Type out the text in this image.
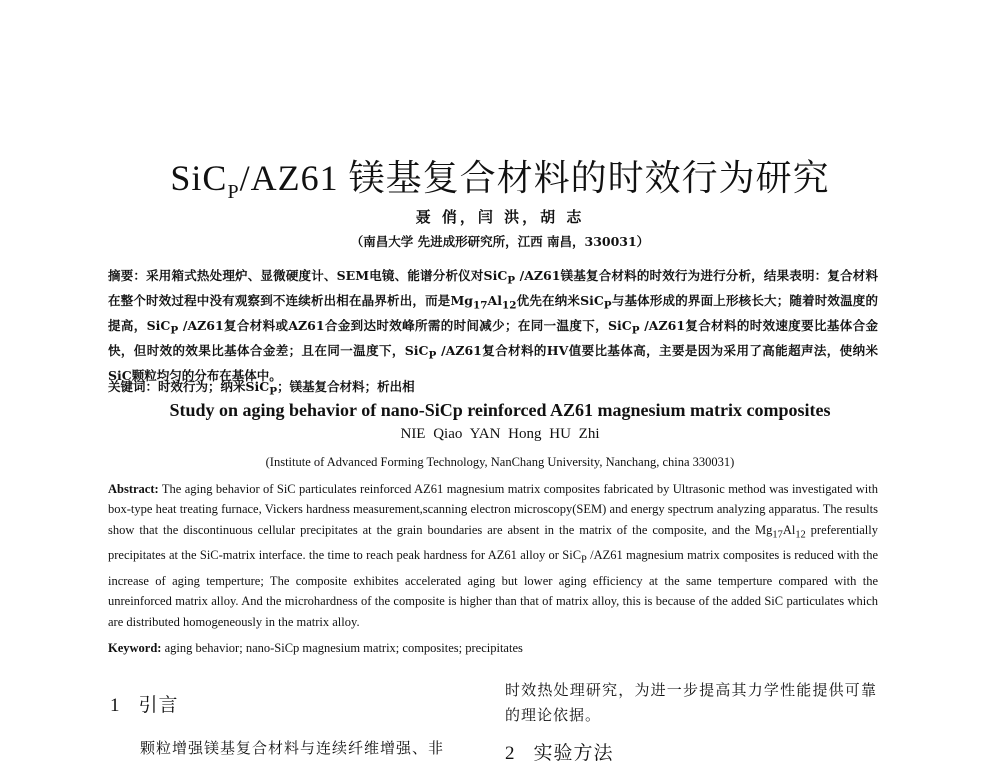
SiC$_P$/AZ61 镁基复合材料的时效行为研究
聂 俏，闫 洪，胡 志
（南昌大学 先进成形研究所，江西 南昌，330031）
摘要：采用箱式热处理炉、显微硬度计、SEM电镜、能谱分析仪对SiC$_P$ /AZ61镁基复合材料的时效行为进行分析，结果表明：复合材料在整个时效过程中没有观察到不连续析出相在晶界析出，而是$Mg_{17}Al_{12}$优先在纳米SiC$_P$与基体形成的界面上形核长大；随着时效温度的提高，SiC$_P$ /AZ61复合材料或AZ61合金到达时效峰所需的时间减少；在同一温度下，SiC$_P$ /AZ61复合材料的时效速度要比基体合金快，但时效的效果比基体合金差；且在同一温度下，SiC$_P$ /AZ61复合材料的HV值要比基体高，主要是因为采用了高能超声法，使纳米SiC颗粒均匀的分布在基体中。
关键词：时效行为；纳米SiC$_P$；镁基复合材料；析出相
Study on aging behavior of nano-SiCp reinforced AZ61 magnesium matrix composites
NIE Qiao YAN Hong HU Zhi
(Institute of Advanced Forming Technology, NanChang University, Nanchang, china 330031)
Abstract: The aging behavior of SiC particulates reinforced AZ61 magnesium matrix composites fabricated by Ultrasonic method was investigated with box-type heat treating furnace, Vickers hardness measurement,scanning electron microscopy(SEM) and energy spectrum analyzing apparatus. The results show that the discontinuous cellular precipitates at the grain boundaries are absent in the matrix of the composite, and the $Mg_{17}Al_{12}$ preferentially precipitates at the SiC-matrix interface. the time to reach peak hardness for AZ61 alloy or SiC$_P$ /AZ61 magnesium matrix composites is reduced with the increase of aging temperture; The composite exhibites accelerated aging but lower aging efficiency at the same temperture compared with the unreinforced matrix alloy. And the microhardness of the composite is higher than that of matrix alloy, this is because of the added SiC particulates which are distributed homogeneously in the matrix alloy.
Keyword: aging behavior; nano-SiCp magnesium matrix; composites; precipitates
1 引言
颗粒增强镁基复合材料与连续纤维增强、非
时效热处理研究，为进一步提高其力学性能提供可靠的理论依据。
2 实验方法
